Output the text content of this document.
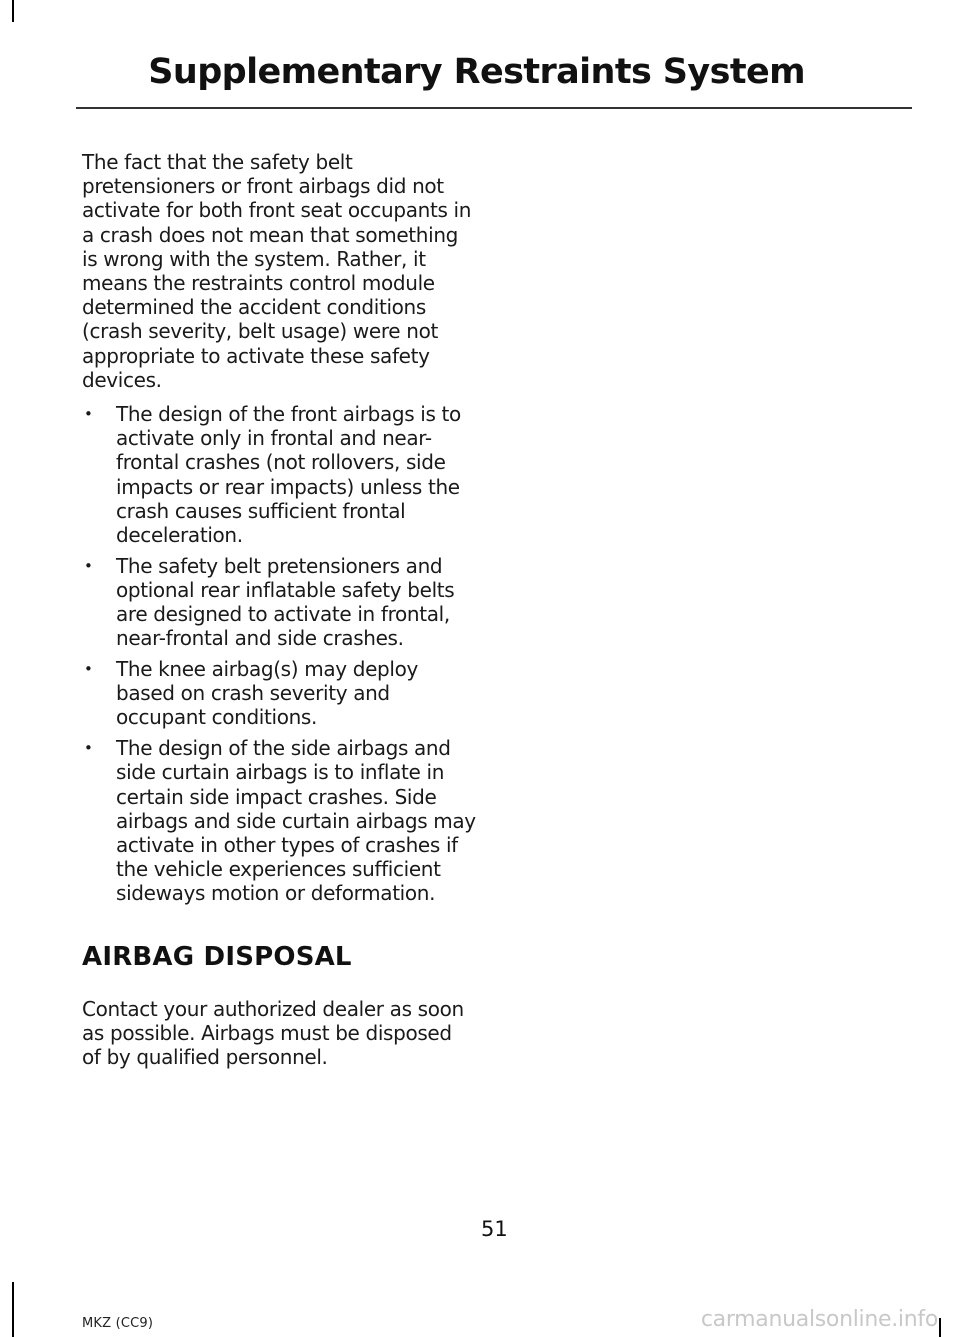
Supplementary Restraints System

The fact that the safety belt pretensioners or front airbags did not activate for both front seat occupants in a crash does not mean that something is wrong with the system. Rather, it means the restraints control module determined the accident conditions (crash severity, belt usage) were not appropriate to activate these safety devices.

• The design of the front airbags is to activate only in frontal and near-frontal crashes (not rollovers, side impacts or rear impacts) unless the crash causes sufficient frontal deceleration.
• The safety belt pretensioners and optional rear inflatable safety belts are designed to activate in frontal, near-frontal and side crashes.
• The knee airbag(s) may deploy based on crash severity and occupant conditions.
• The design of the side airbags and side curtain airbags is to inflate in certain side impact crashes. Side airbags and side curtain airbags may activate in other types of crashes if the vehicle experiences sufficient sideways motion or deformation.
AIRBAG DISPOSAL

Contact your authorized dealer as soon as possible. Airbags must be disposed of by qualified personnel.

51
MKZ (CC9)	carmanualsonline.info
